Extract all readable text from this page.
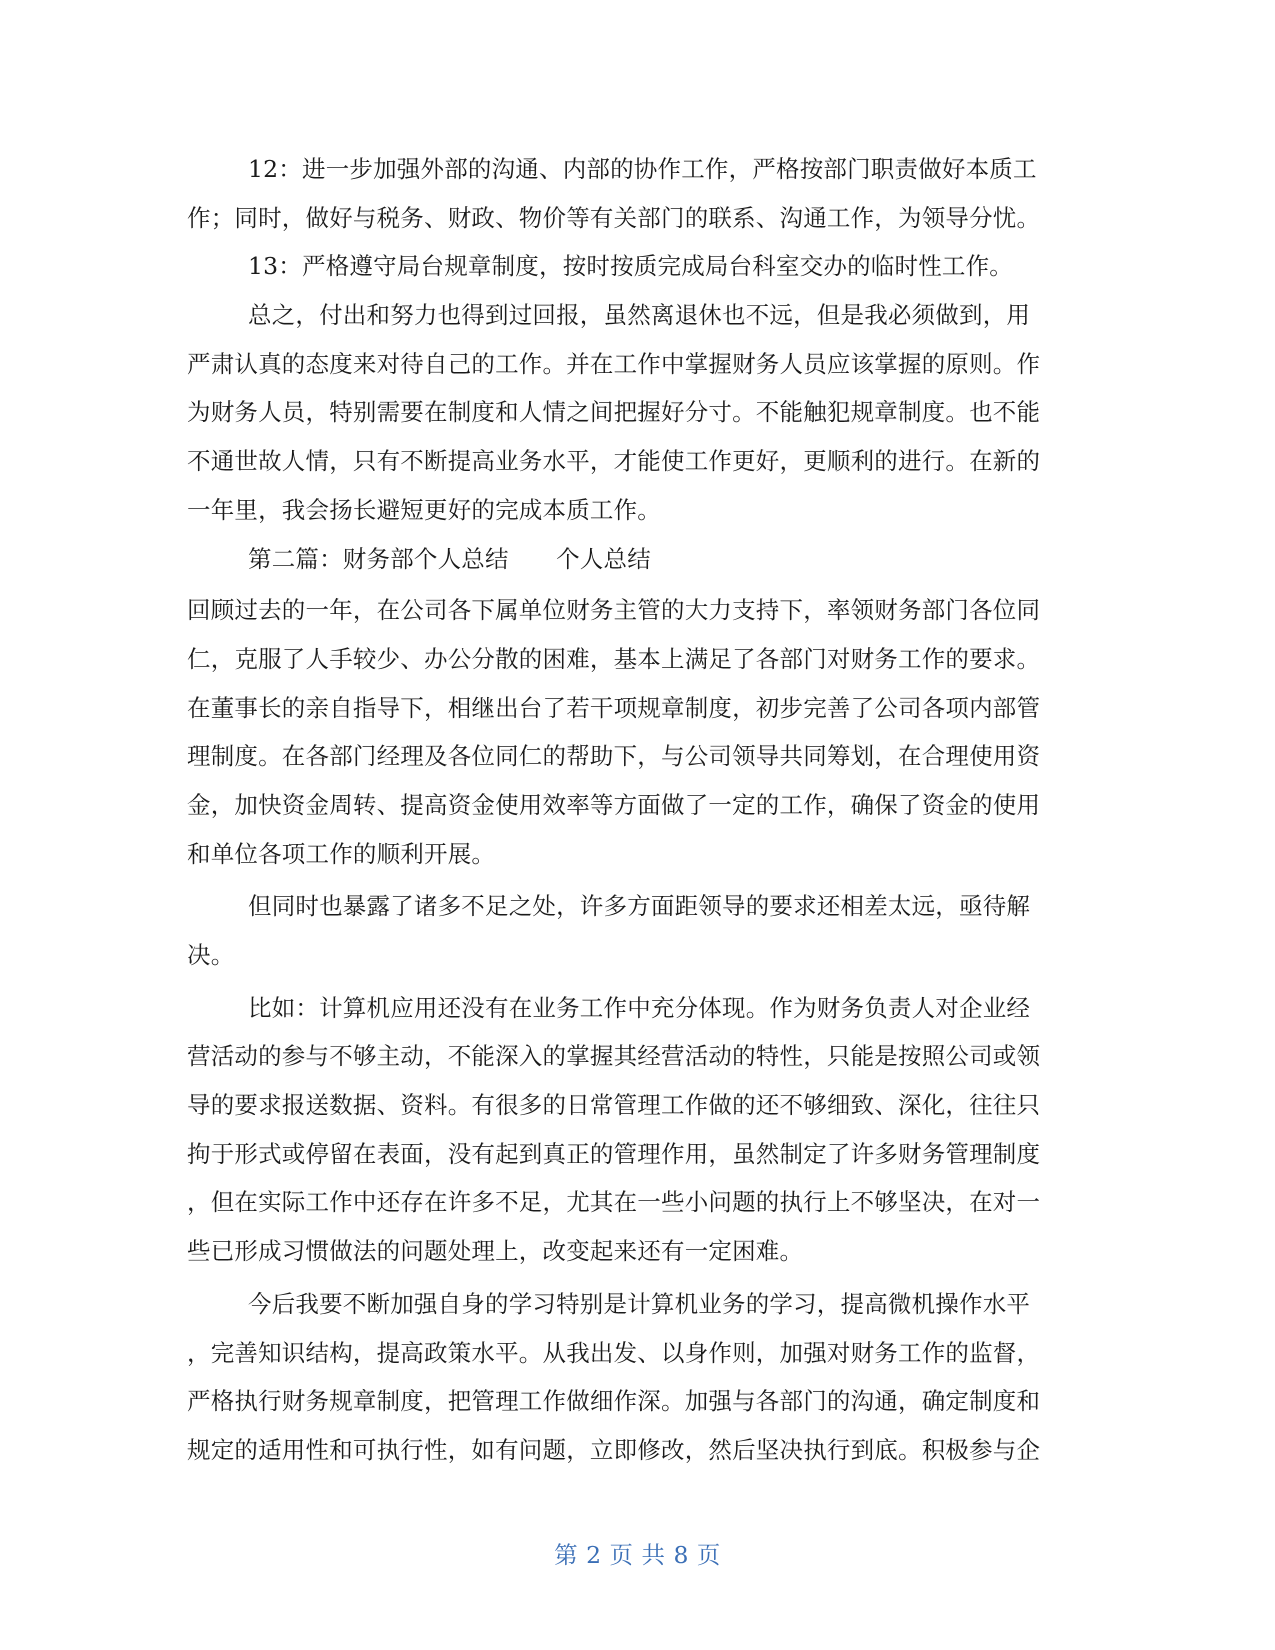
12：进一步加强外部的沟通、内部的协作工作，严格按部门职责做好本质工
作；同时，做好与税务、财政、物价等有关部门的联系、沟通工作，为领导分忧。
13：严格遵守局台规章制度，按时按质完成局台科室交办的临时性工作。
总之，付出和努力也得到过回报，虽然离退休也不远，但是我必须做到，用
严肃认真的态度来对待自己的工作。并在工作中掌握财务人员应该掌握的原则。作
为财务人员，特别需要在制度和人情之间把握好分寸。不能触犯规章制度。也不能
不通世故人情，只有不断提高业务水平，才能使工作更好，更顺利的进行。在新的
一年里，我会扬长避短更好的完成本质工作。
第二篇：财务部个人总结　　个人总结
回顾过去的一年，在公司各下属单位财务主管的大力支持下，率领财务部门各位同
仁，克服了人手较少、办公分散的困难，基本上满足了各部门对财务工作的要求。
在董事长的亲自指导下，相继出台了若干项规章制度，初步完善了公司各项内部管
理制度。在各部门经理及各位同仁的帮助下，与公司领导共同筹划，在合理使用资
金，加快资金周转、提高资金使用效率等方面做了一定的工作，确保了资金的使用
和单位各项工作的顺利开展。
但同时也暴露了诸多不足之处，许多方面距领导的要求还相差太远，亟待解
决。
比如：计算机应用还没有在业务工作中充分体现。作为财务负责人对企业经
营活动的参与不够主动，不能深入的掌握其经营活动的特性，只能是按照公司或领
导的要求报送数据、资料。有很多的日常管理工作做的还不够细致、深化，往往只
拘于形式或停留在表面，没有起到真正的管理作用，虽然制定了许多财务管理制度
，但在实际工作中还存在许多不足，尤其在一些小问题的执行上不够坚决，在对一
些已形成习惯做法的问题处理上，改变起来还有一定困难。
今后我要不断加强自身的学习特别是计算机业务的学习，提高微机操作水平
，完善知识结构，提高政策水平。从我出发、以身作则，加强对财务工作的监督，
严格执行财务规章制度，把管理工作做细作深。加强与各部门的沟通，确定制度和
规定的适用性和可执行性，如有问题，立即修改，然后坚决执行到底。积极参与企
第 2 页 共 8 页
